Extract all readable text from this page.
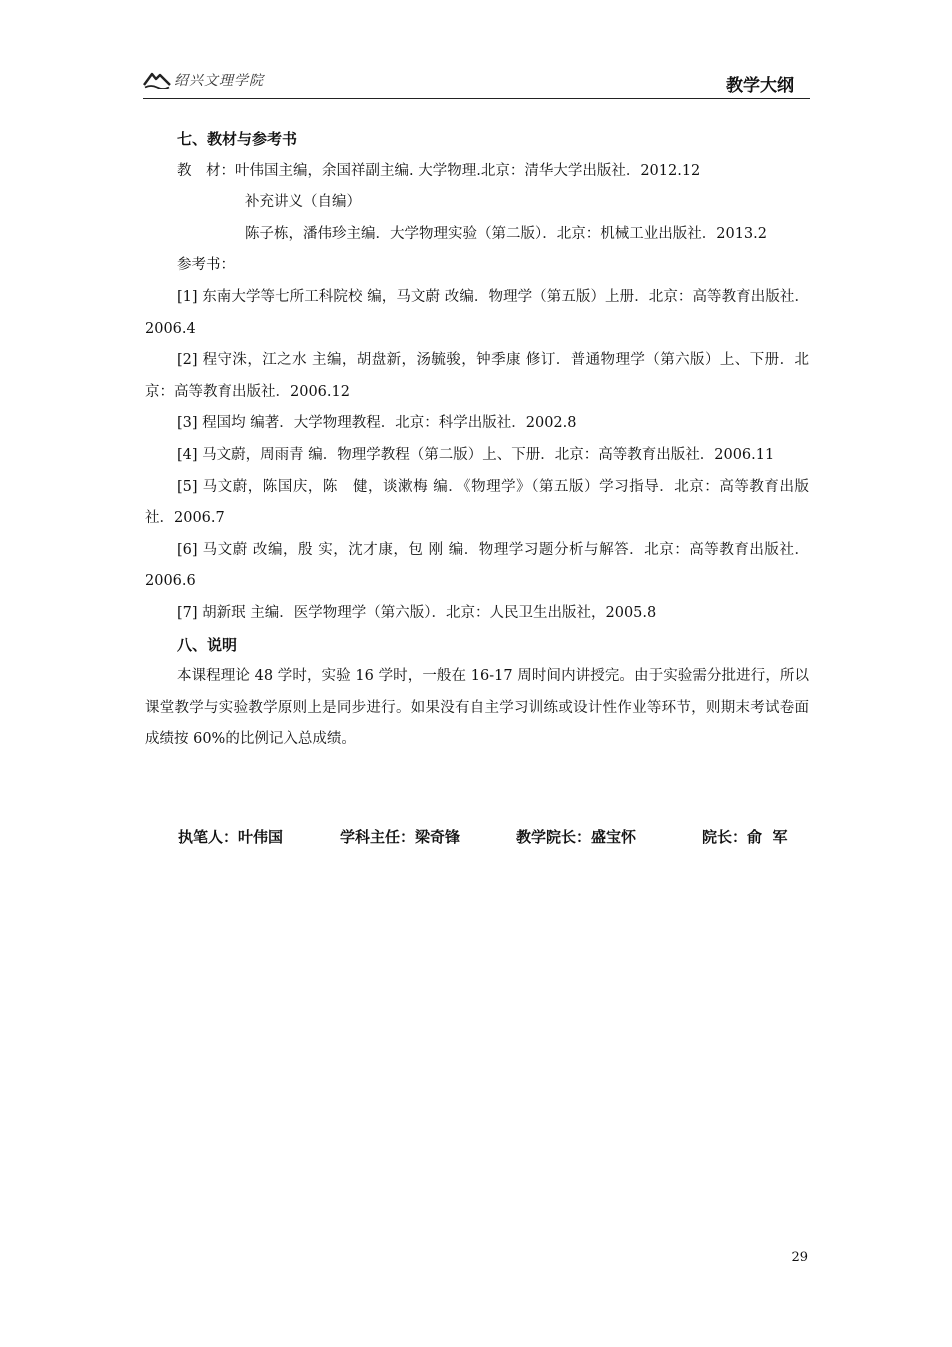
绍兴文理学院	教学大纲

七、教材与参考书

教　材：叶伟国主编，余国祥副主编. 大学物理.北京：清华大学出版社．2012.12

补充讲义（自编）

陈子栋，潘伟珍主编．大学物理实验（第二版）．北京：机械工业出版社．2013.2

参考书：

[1] 东南大学等七所工科院校 编，马文蔚 改编．物理学（第五版）上册．北京：高等教育出版社．2006.4

[2] 程守洙，江之水 主编，胡盘新，汤毓骏，钟季康 修订．普通物理学（第六版）上、下册．北京：高等教育出版社．2006.12

[3] 程国均 编著．大学物理教程．北京：科学出版社．2002.8

[4] 马文蔚，周雨青 编．物理学教程（第二版）上、下册．北京：高等教育出版社．2006.11

[5] 马文蔚，陈国庆，陈　健，谈漱梅 编．《物理学》（第五版）学习指导．北京：高等教育出版社．2006.7

[6] 马文蔚 改编，殷 实，沈才康，包 刚 编．物理学习题分析与解答．北京：高等教育出版社．2006.6

[7] 胡新珉 主编．医学物理学（第六版）．北京：人民卫生出版社，2005.8

八、说明

本课程理论 48 学时，实验 16 学时，一般在 16-17 周时间内讲授完。由于实验需分批进行，所以课堂教学与实验教学原则上是同步进行。如果没有自主学习训练或设计性作业等环节，则期末考试卷面成绩按 60%的比例记入总成绩。

执笔人：叶伟国	学科主任：梁奇锋	教学院长：盛宝怀	院长：俞  军
29
